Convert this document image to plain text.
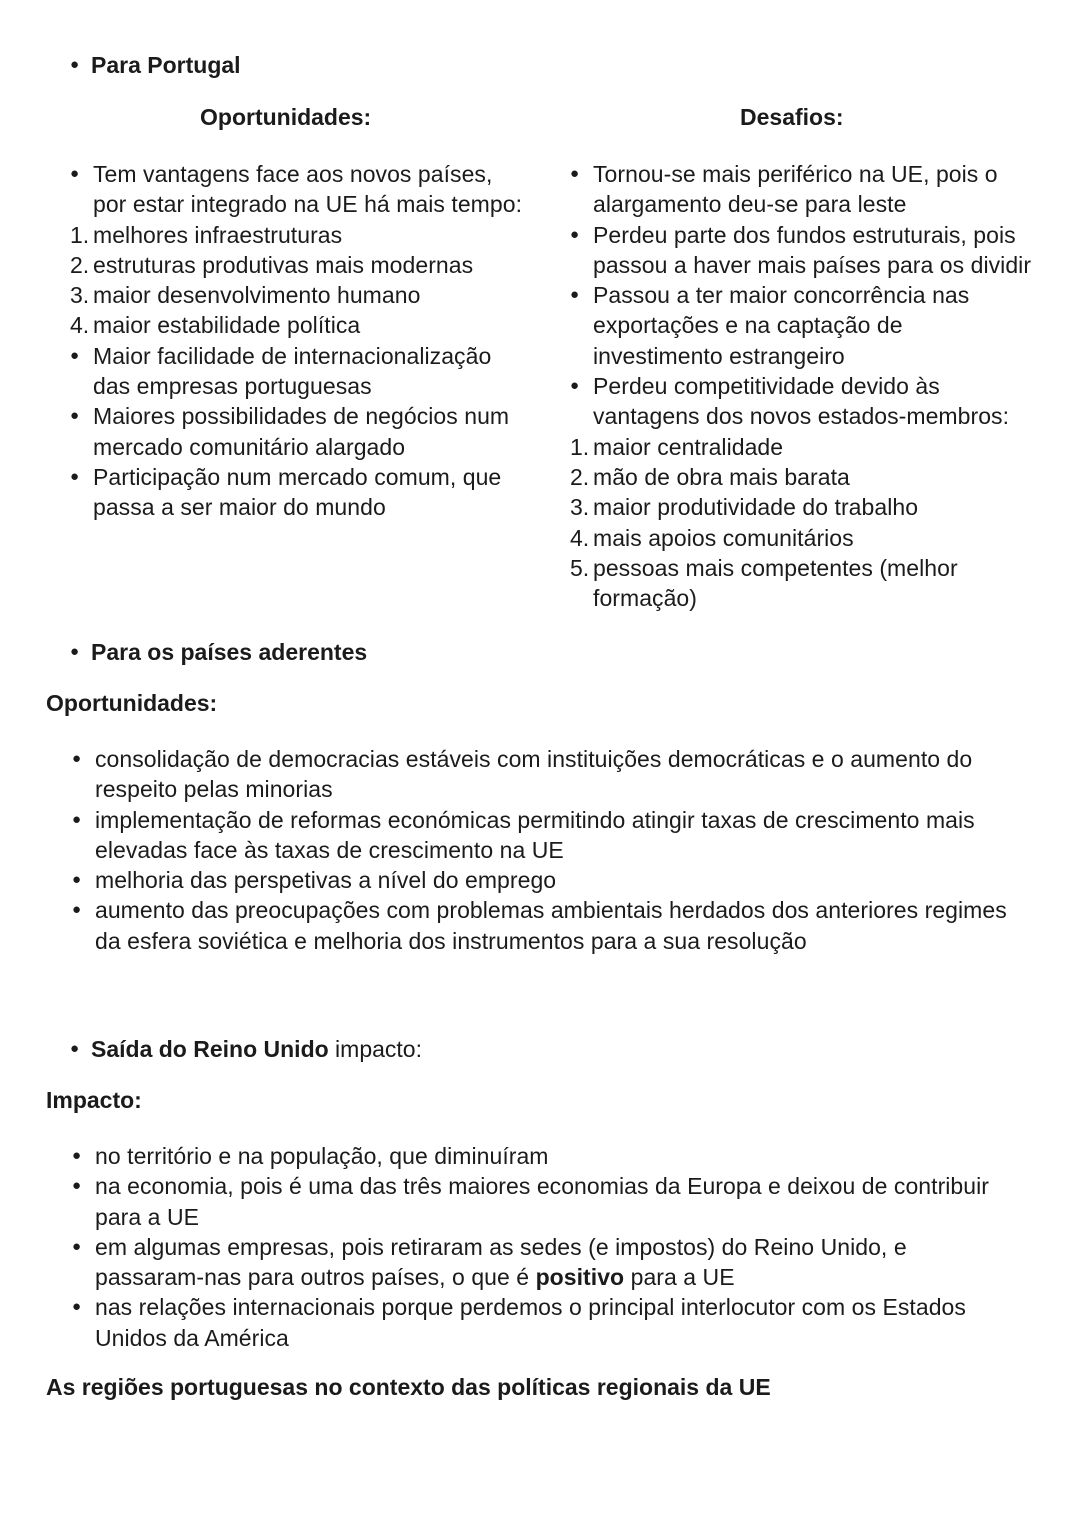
● Para Portugal
Oportunidades:	Desafios:
● Tem vantagens face aos novos países, por estar integrado na UE há mais tempo:
1. melhores infraestruturas
2. estruturas produtivas mais modernas
3. maior desenvolvimento humano
4. maior estabilidade política
● Maior facilidade de internacionalização das empresas portuguesas
● Maiores possibilidades de negócios num mercado comunitário alargado
● Participação num mercado comum, que passa a ser maior do mundo
● Tornou-se mais periférico na UE, pois o alargamento deu-se para leste
● Perdeu parte dos fundos estruturais, pois passou a haver mais países para os dividir
● Passou a ter maior concorrência nas exportações e na captação de investimento estrangeiro
● Perdeu competitividade devido às vantagens dos novos estados-membros:
1. maior centralidade
2. mão de obra mais barata
3. maior produtividade do trabalho
4. mais apoios comunitários
5. pessoas mais competentes (melhor formação)
● Para os países aderentes
Oportunidades:
● consolidação de democracias estáveis com instituições democráticas e o aumento do respeito pelas minorias
● implementação de reformas económicas permitindo atingir taxas de crescimento mais elevadas face às taxas de crescimento na UE
● melhoria das perspetivas a nível do emprego
● aumento das preocupações com problemas ambientais herdados dos anteriores regimes da esfera soviética e melhoria dos instrumentos para a sua resolução
● Saída do Reino Unido impacto:
Impacto:
● no território e na população, que diminuíram
● na economia, pois é uma das três maiores economias da Europa e deixou de contribuir para a UE
● em algumas empresas, pois retiraram as sedes (e impostos) do Reino Unido, e passaram-nas para outros países, o que é positivo para a UE
● nas relações internacionais porque perdemos o principal interlocutor com os Estados Unidos da América
As regiões portuguesas no contexto das políticas regionais da UE
